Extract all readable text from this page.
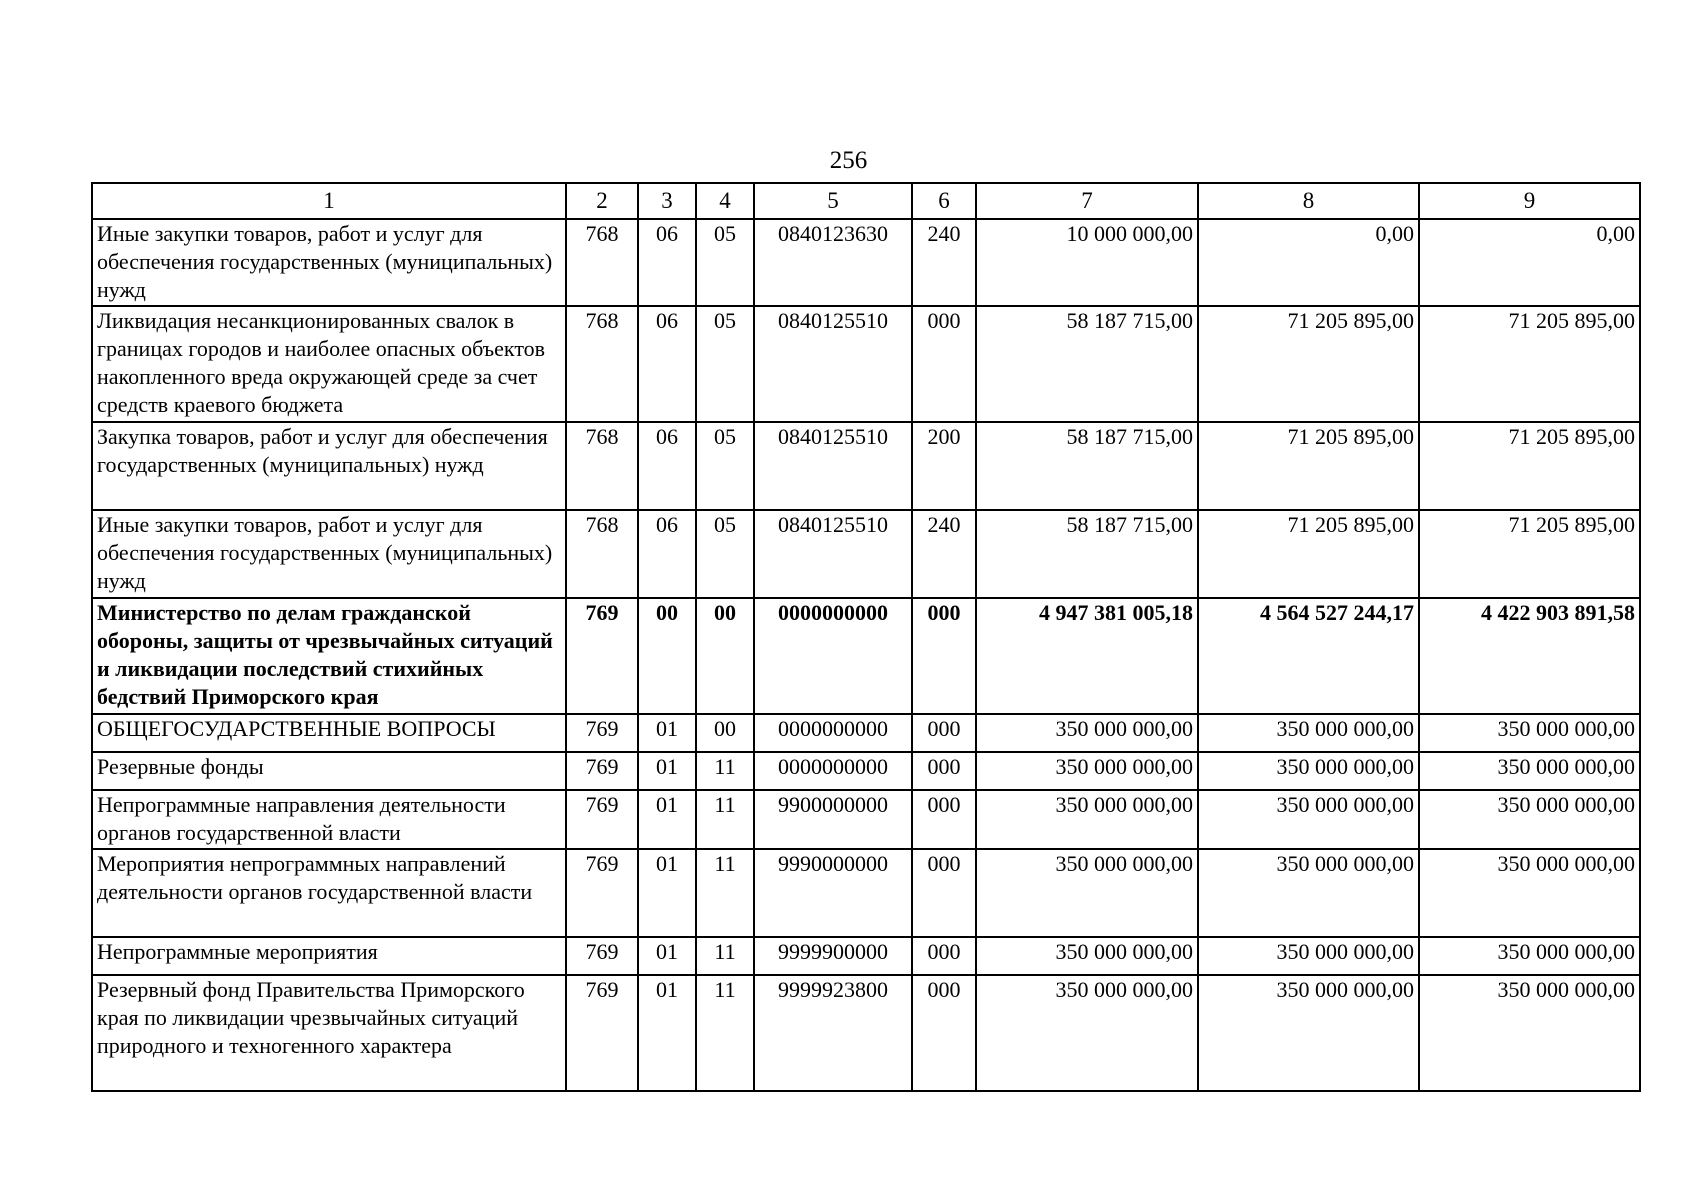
256
1	2	3	4	5	6	7	8	9
Иные закупки товаров, работ и услуг для обеспечения государственных (муниципальных) нужд	768	06	05	0840123630	240	10 000 000,00	0,00	0,00
Ликвидация несанкционированных свалок в границах городов и наиболее опасных объектов накопленного вреда окружающей среде за счет средств краевого бюджета	768	06	05	0840125510	000	58 187 715,00	71 205 895,00	71 205 895,00
Закупка товаров, работ и услуг для обеспечения государственных (муниципальных) нужд	768	06	05	0840125510	200	58 187 715,00	71 205 895,00	71 205 895,00
Иные закупки товаров, работ и услуг для обеспечения государственных (муниципальных) нужд	768	06	05	0840125510	240	58 187 715,00	71 205 895,00	71 205 895,00
Министерство по делам гражданской обороны, защиты от чрезвычайных ситуаций и ликвидации последствий стихийных бедствий Приморского края	769	00	00	0000000000	000	4 947 381 005,18	4 564 527 244,17	4 422 903 891,58
ОБЩЕГОСУДАРСТВЕННЫЕ ВОПРОСЫ	769	01	00	0000000000	000	350 000 000,00	350 000 000,00	350 000 000,00
Резервные фонды	769	01	11	0000000000	000	350 000 000,00	350 000 000,00	350 000 000,00
Непрограммные направления деятельности органов государственной власти	769	01	11	9900000000	000	350 000 000,00	350 000 000,00	350 000 000,00
Мероприятия непрограммных направлений деятельности органов государственной власти	769	01	11	9990000000	000	350 000 000,00	350 000 000,00	350 000 000,00
Непрограммные мероприятия	769	01	11	9999900000	000	350 000 000,00	350 000 000,00	350 000 000,00
Резервный фонд Правительства Приморского края по ликвидации чрезвычайных ситуаций природного и техногенного характера	769	01	11	9999923800	000	350 000 000,00	350 000 000,00	350 000 000,00
